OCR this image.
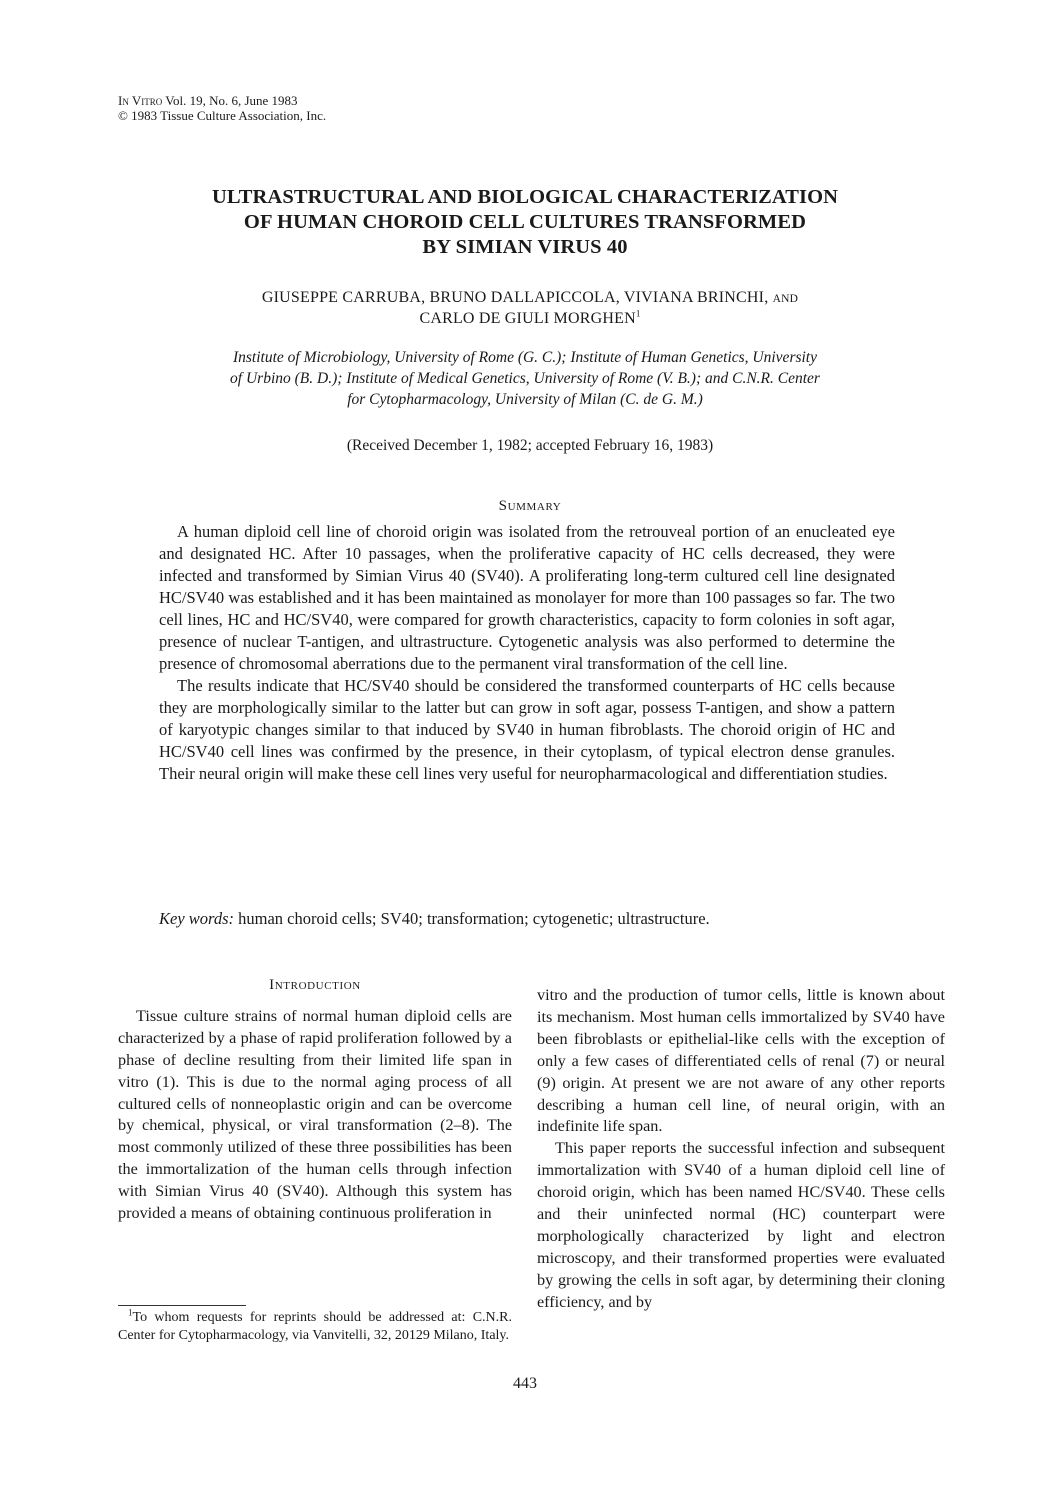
In Vitro Vol. 19, No. 6, June 1983
© 1983 Tissue Culture Association, Inc.
ULTRASTRUCTURAL AND BIOLOGICAL CHARACTERIZATION
OF HUMAN CHOROID CELL CULTURES TRANSFORMED
BY SIMIAN VIRUS 40
GIUSEPPE CARRUBA, BRUNO DALLAPICCOLA, VIVIANA BRINCHI, AND
CARLO DE GIULI MORGHEN$^1$
Institute of Microbiology, University of Rome (G. C.); Institute of Human Genetics, University
of Urbino (B. D.); Institute of Medical Genetics, University of Rome (V. B.); and C.N.R. Center
for Cytopharmacology, University of Milan (C. de G. M.)
(Received December 1, 1982; accepted February 16, 1983)
Summary

A human diploid cell line of choroid origin was isolated from the retrouveal portion of an enucleated eye and designated HC. After 10 passages, when the proliferative capacity of HC cells decreased, they were infected and transformed by Simian Virus 40 (SV40). A proliferating long-term cultured cell line designated HC/SV40 was established and it has been maintained as monolayer for more than 100 passages so far. The two cell lines, HC and HC/SV40, were compared for growth characteristics, capacity to form colonies in soft agar, presence of nuclear T-antigen, and ultrastructure. Cytogenetic analysis was also performed to determine the presence of chromosomal aberrations due to the permanent viral transformation of the cell line.

The results indicate that HC/SV40 should be considered the transformed counterparts of HC cells because they are morphologically similar to the latter but can grow in soft agar, possess T-antigen, and show a pattern of karyotypic changes similar to that induced by SV40 in human fibroblasts. The choroid origin of HC and HC/SV40 cell lines was confirmed by the presence, in their cytoplasm, of typical electron dense granules. Their neural origin will make these cell lines very useful for neuropharmacological and differentiation studies.

Key words: human choroid cells; SV40; transformation; cytogenetic; ultrastructure.
Introduction

Tissue culture strains of normal human diploid cells are characterized by a phase of rapid proliferation followed by a phase of decline resulting from their limited life span in vitro (1). This is due to the normal aging process of all cultured cells of nonneoplastic origin and can be overcome by chemical, physical, or viral transformation (2–8). The most commonly utilized of these three possibilities has been the immortalization of the human cells through infection with Simian Virus 40 (SV40). Although this system has provided a means of obtaining continuous proliferation in

vitro and the production of tumor cells, little is known about its mechanism. Most human cells immortalized by SV40 have been fibroblasts or epithelial-like cells with the exception of only a few cases of differentiated cells of renal (7) or neural (9) origin. At present we are not aware of any other reports describing a human cell line, of neural origin, with an indefinite life span.

This paper reports the successful infection and subsequent immortalization with SV40 of a human diploid cell line of choroid origin, which has been named HC/SV40. These cells and their uninfected normal (HC) counterpart were morphologically characterized by light and electron microscopy, and their transformed properties were evaluated by growing the cells in soft agar, by determining their cloning efficiency, and by

$^1$To whom requests for reprints should be addressed at: C.N.R. Center for Cytopharmacology, via Vanvitelli, 32, 20129 Milano, Italy.

443
